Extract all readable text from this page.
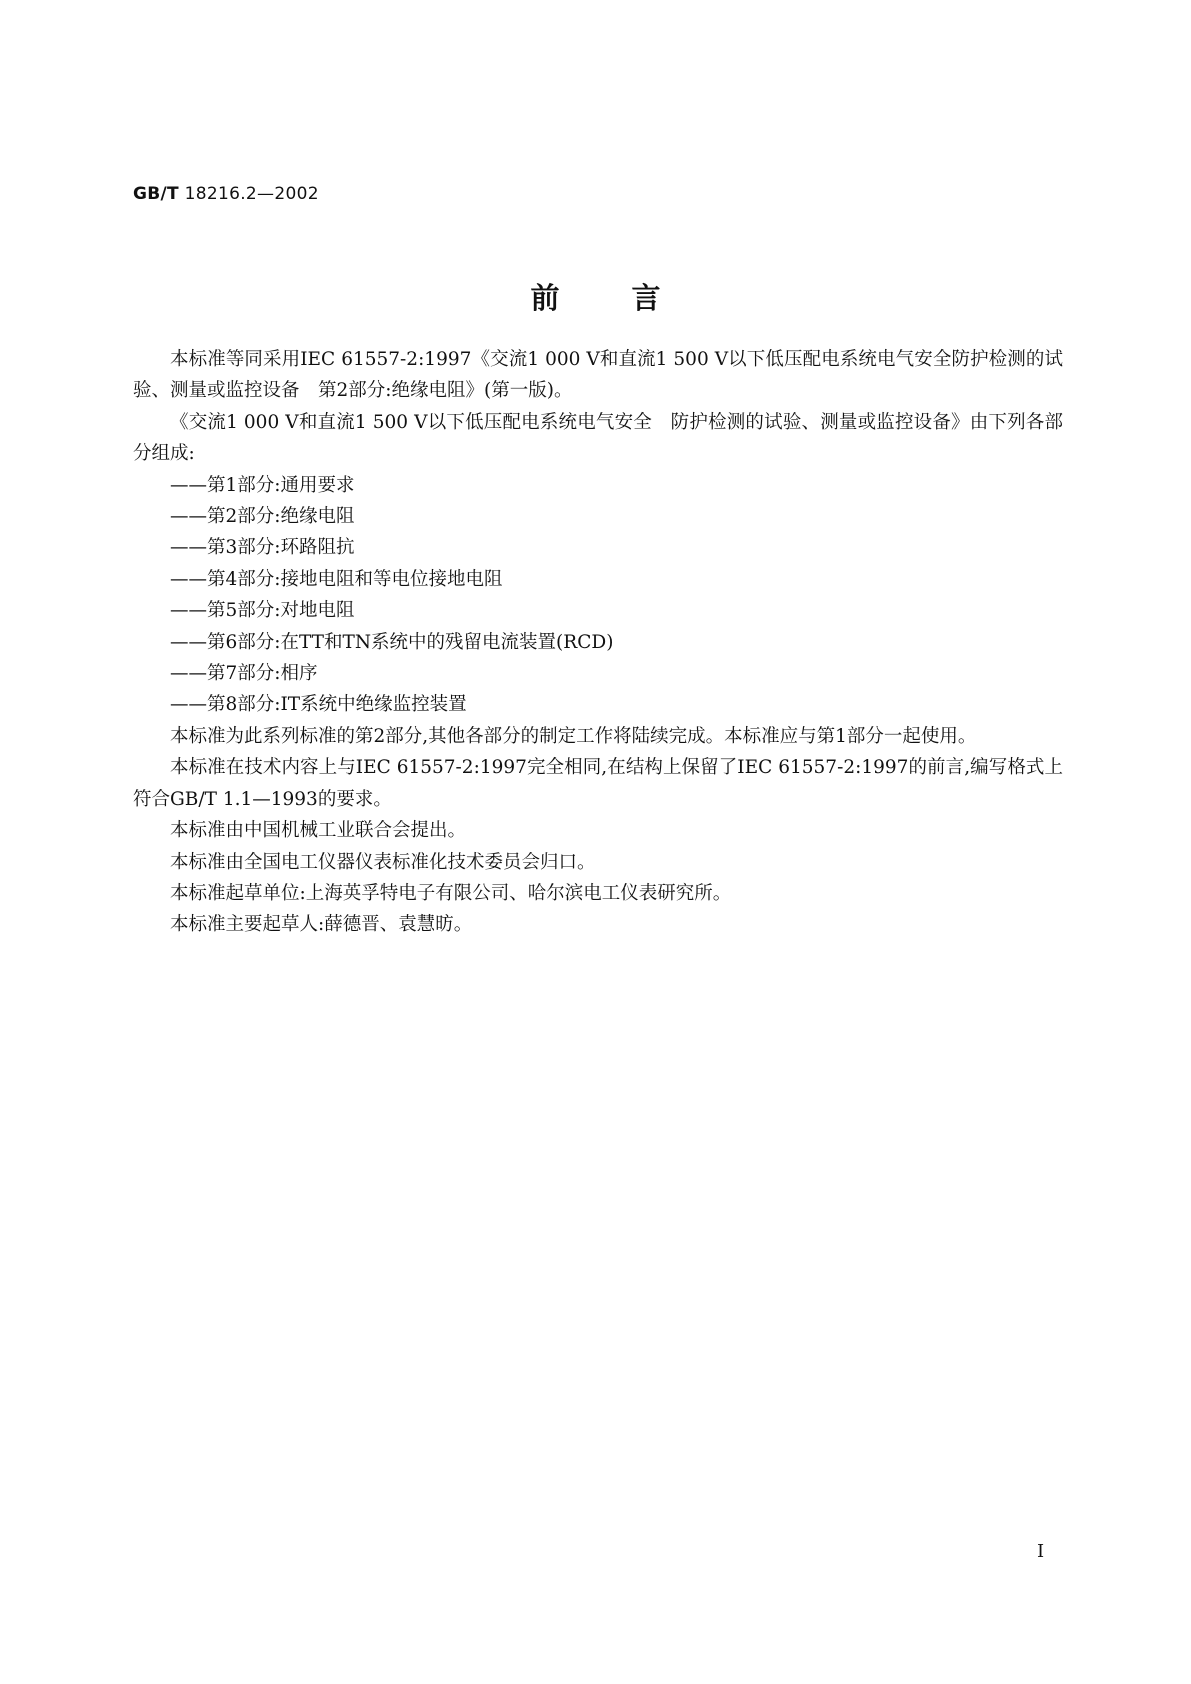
GB/T 18216.2—2002
前言

本标准等同采用IEC 61557-2:1997《交流1 000 V和直流1 500 V以下低压配电系统电气安全防护检测的试验、测量或监控设备　第2部分:绝缘电阻》(第一版)。

《交流1 000 V和直流1 500 V以下低压配电系统电气安全　防护检测的试验、测量或监控设备》由下列各部分组成:

——第1部分:通用要求

——第2部分:绝缘电阻

——第3部分:环路阻抗

——第4部分:接地电阻和等电位接地电阻

——第5部分:对地电阻

——第6部分:在TT和TN系统中的残留电流装置(RCD)

——第7部分:相序

——第8部分:IT系统中绝缘监控装置

本标准为此系列标准的第2部分,其他各部分的制定工作将陆续完成。本标准应与第1部分一起使用。

本标准在技术内容上与IEC 61557-2:1997完全相同,在结构上保留了IEC 61557-2:1997的前言,编写格式上符合GB/T 1.1—1993的要求。

本标准由中国机械工业联合会提出。

本标准由全国电工仪器仪表标准化技术委员会归口。

本标准起草单位:上海英孚特电子有限公司、哈尔滨电工仪表研究所。

本标准主要起草人:薛德晋、袁慧昉。

I
